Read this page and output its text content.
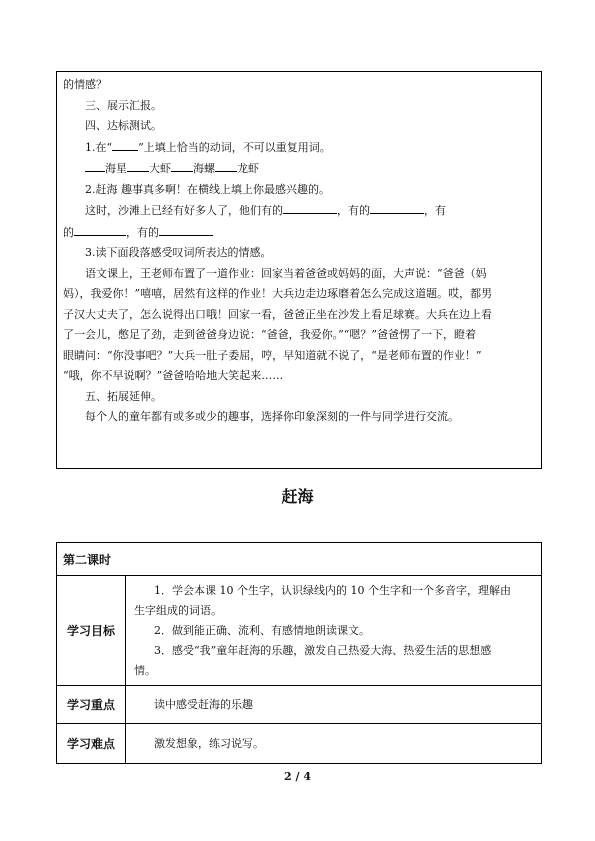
的情感？

三、展示汇报。

四、达标测试。

1.在“ ”上填上恰当的动词，不可以重复用词。

海星 大虾 海螺 龙虾

2.赶海 趣事真多啊！在横线上填上你最感兴趣的。

这时，沙滩上已经有好多人了，他们有的	，有的	，有

的	，有的

3.读下面段落感受叹词所表达的情感。

语文课上，王老师布置了一道作业：回家当着爸爸或妈妈的面，大声说：“爸爸（妈

妈），我爱你！”嘻嘻，居然有这样的作业！大兵边走边琢磨着怎么完成这道题。哎，都男

子汉大丈夫了，怎么说得出口哦！回家一看，爸爸正坐在沙发上看足球赛。大兵在边上看

了一会儿，憋足了劲，走到爸爸身边说：“爸爸，我爱你。”“嗯？”爸爸愣了一下，瞪着

眼睛问：“你没事吧？”大兵一肚子委屈，哼，早知道就不说了，“是老师布置的作业！”

“哦，你不早说啊？”爸爸哈哈地大笑起来……

五、拓展延伸。

每个人的童年都有或多或少的趣事，选择你印象深刻的一件与同学进行交流。

赶海
第二课时	
学习目标	1．学会本课 10 个生字，认识绿线内的 10 个生字和一个多音字，理解由

生字组成的词语。

2．做到能正确、流利、有感情地朗读课文。

3．感受“我”童年赶海的乐趣，激发自己热爱大海、热爱生活的思想感

情。

学习重点	读中感受赶海的乐趣
学习难点	激发想象，练习说写。
2 / 4
